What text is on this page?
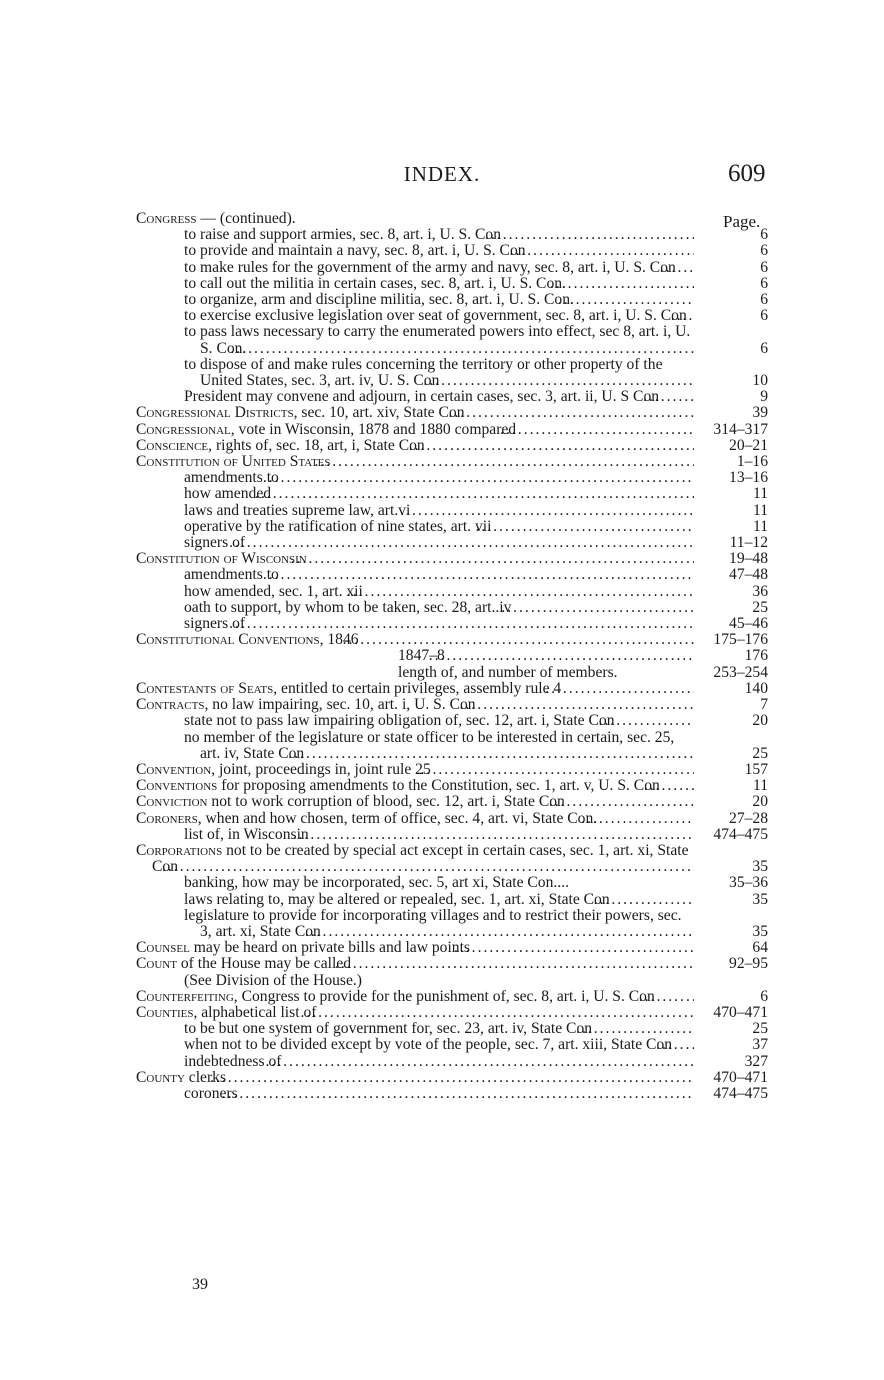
INDEX.	609
Page.
Congress — (continued).
to raise and support armies, sec. 8, art. i, U. S. Con .....	6
to provide and maintain a navy, sec. 8, art. i, U. S. Con .....	6
to make rules for the government of the army and navy, sec. 8, art. i, U. S. Con .....	6
to call out the militia in certain cases, sec. 8, art. i, U. S. Con. .....	6
to organize, arm and discipline militia, sec. 8, art. i, U. S. Con. .....	6
to exercise exclusive legislation over seat of government, sec. 8, art. i, U. S. Con .....	6
to pass laws necessary to carry the enumerated powers into effect, sec 8, art. i, U. S. Con. .....	6
to dispose of and make rules concerning the territory or other property of the United States, sec. 3, art. iv, U. S. Con .....	10
President may convene and adjourn, in certain cases, sec. 3, art. ii, U. S Con .....	9
Congressional Districts, sec. 10, art. xiv, State Con .....	39
Congressional, vote in Wisconsin, 1878 and 1880 compared .....	314–317
Conscience, rights of, sec. 18, art, i, State Con .....	20–21
Constitution of United States .....	1–16
amendments to .....	13–16
how amended .....	11
laws and treaties supreme law, art vi .....	11
operative by the ratification of nine states, art. vii .....	11
signers of .....	11–12
Constitution of Wisconsin .....	19–48
amendments to .....	47–48
how amended, sec. 1, art. xii .....	36
oath to support, by whom to be taken, sec. 28, art. iv .....	25
signers of .....	45–46
Constitutional Conventions, 1846 .....	175–176
1847–8 .....	176
length of, and number of members.	253–254
Contestants of Seats, entitled to certain privileges, assembly rule 4 .....	140
Contracts, no law impairing, sec. 10, art. i, U. S. Con .....	7
state not to pass law impairing obligation of, sec. 12, art. i, State Con .....	20
no member of the legislature or state officer to be interested in certain, sec. 25, art. iv, State Con .....	25
Convention, joint, proceedings in, joint rule 25 .....	157
Conventions for proposing amendments to the Constitution, sec. 1, art. v, U. S. Con .....	11
Conviction not to work corruption of blood, sec. 12, art. i, State Con .....	20
Coroners, when and how chosen, term of office, sec. 4, art. vi, State Con. .....	27–28
list of, in Wisconsin .....	474–475
Corporations not to be created by special act except in certain cases, sec. 1, art. xi, State Con .....	35
banking, how may be incorporated, sec. 5, art xi, State Con....	35–36
laws relating to, may be altered or repealed, sec. 1, art. xi, State Con .....	35
legislature to provide for incorporating villages and to restrict their powers, sec. 3, art. xi, State Con .....	35
Counsel may be heard on private bills and law points .....	64
Count of the House may be called .....	92–95
(See Division of the House.)
Counterfeiting, Congress to provide for the punishment of, sec. 8, art. i, U. S. Con .....	6
Counties, alphabetical list of .....	470–471
to be but one system of government for, sec. 23, art. iv, State Con .....	25
when not to be divided except by vote of the people, sec. 7, art. xiii, State Con .....	37
indebtedness of .....	327
County clerks .....	470–471
coroners .....	474–475
39
